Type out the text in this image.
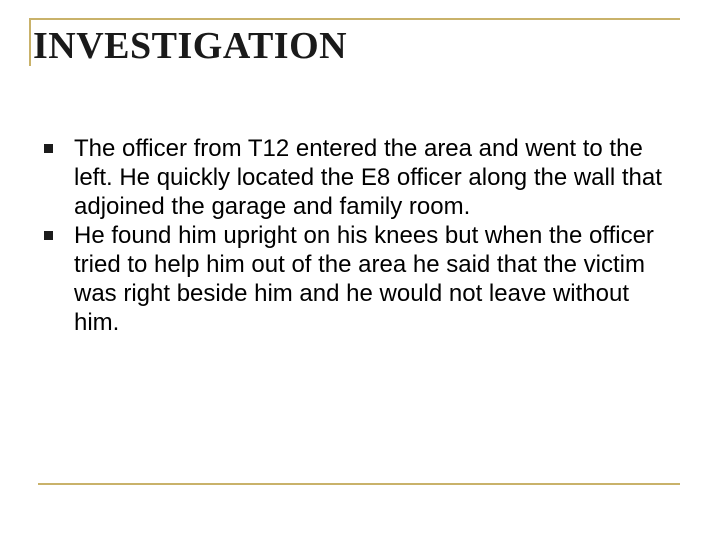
INVESTIGATION
The officer from T12 entered the area and went to the left. He quickly located the E8 officer along the wall that adjoined the garage and family room.
He found him upright on his knees but when the officer tried to help him out of the area he said that the victim was right beside him and he would not leave without him.
